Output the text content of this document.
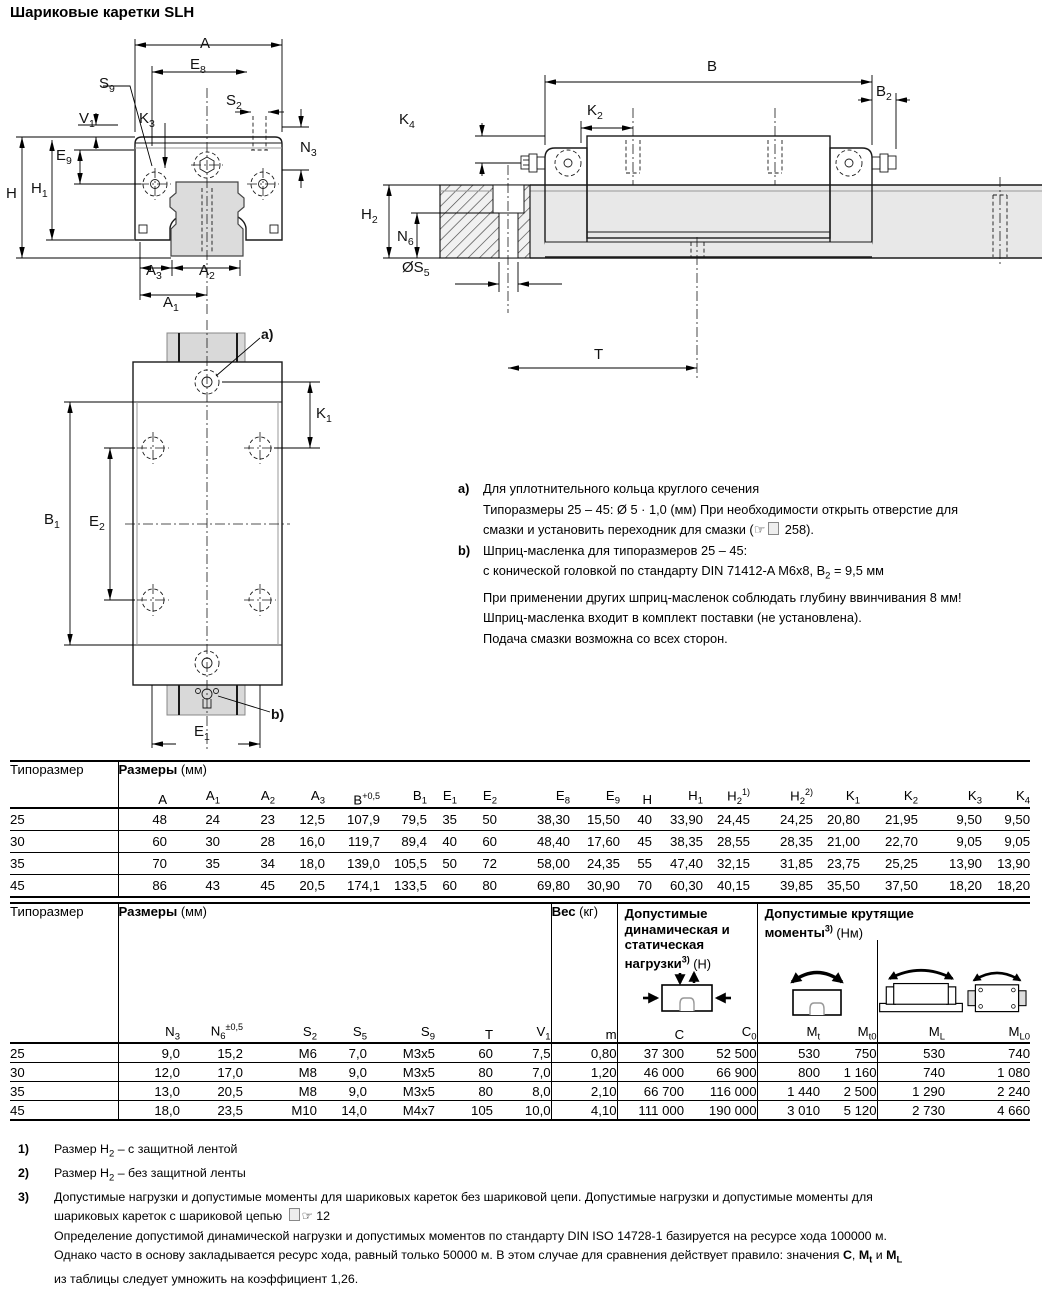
Шариковые каретки SLH
A
$E_8$
$S_9$
$V_1$	$K_3$
$S_2$
$N_3$
$E_9$
H $H_1$
$A_3$ $A_2$
$A_1$
B
$K_2$
$B_2$
$K_4$
$H_2$
$N_6$
$ØS_5$
T
a)
$K_1$
$B_1$ $E_2$
b)
$E_1$
a)	Для уплотнительного кольца круглого сечения
Типоразмеры 25 – 45: Ø 5 · 1,0 (мм) При необходимости открыть отверстие для
смазки и установить переходник для смазки (☞ 258).
b)	Шприц-масленка для типоразмеров 25 – 45:
с конической головкой по стандарту DIN 71412-A M6x8, $B_2 = 9,5$ мм
При применении других шприц-масленок соблюдать глубину ввинчивания 8 мм!
Шприц-масленка входит в комплект поставки (не установлена).
Подача смазки возможна со всех сторон.
Типоразмер	Размеры (мм)																	
	A	$A_1$	$A_2$	$A_3$	$B^{+0,5}$	$B_1$	$E_1$	$E_2$	$E_8$	$E_9$	H	$H_1$	$H_2^{1)}$	$H_2^{2)}$	$K_1$	$K_2$	$K_3$	$K_4$
25	48	24	23	12,5	107,9	79,5	35	50	38,30	15,50	40	33,90	24,45	24,25	20,80	21,95	9,50	9,50
30	60	30	28	16,0	119,7	89,4	40	60	48,40	17,60	45	38,35	28,55	28,35	21,00	22,70	9,05	9,05
35	70	35	34	18,0	139,0	105,5	50	72	58,00	24,35	55	47,40	32,15	31,85	23,75	25,25	13,90	13,90
45	86	43	45	20,5	174,1	133,5	60	80	69,80	30,90	70	60,30	40,15	39,85	35,50	37,50	18,20	18,20
Типоразмер	Размеры (мм)							Вес (кг)	Допустимые динамическая и статическая нагрузки$^{3)}$ (Н)		Допустимые крутящие моменты$^{3)}$ (Нм)			

	$N_3$	$N_6^{\pm 0,5}$	$S_2$	$S_5$	$S_9$	T	$V_1$	m	C	$C_0$	$M_t$	$M_{t0}$	$M_L$	$M_{L0}$
25	9,0	15,2	M6	7,0	M3x5	60	7,5	0,80	37 300	52 500	530	750	530	740
30	12,0	17,0	M8	9,0	M3x5	80	7,0	1,20	46 000	66 900	800	1 160	740	1 080
35	13,0	20,5	M8	9,0	M3x5	80	8,0	2,10	66 700	116 000	1 440	2 500	1 290	2 240
45	18,0	23,5	M10	14,0	M4x7	105	10,0	4,10	111 000	190 000	3 010	5 120	2 730	4 660
1)	Размер $H_2$ – с защитной лентой
2)	Размер $H_2$ – без защитной ленты
3)	Допустимые нагрузки и допустимые моменты для шариковых кареток без шариковой цепи. Допустимые нагрузки и допустимые моменты для
шариковых кареток с шариковой цепью ☞ 12
Определение допустимой динамической нагрузки и допустимых моментов по стандарту DIN ISO 14728-1 базируется на ресурсе хода 100000 м.
Однако часто в основу закладывается ресурс хода, равный только 50000 м. В этом случае для сравнения действует правило: значения C, $M_t$ и $M_L$
из таблицы следует умножить на коэффициент 1,26.
